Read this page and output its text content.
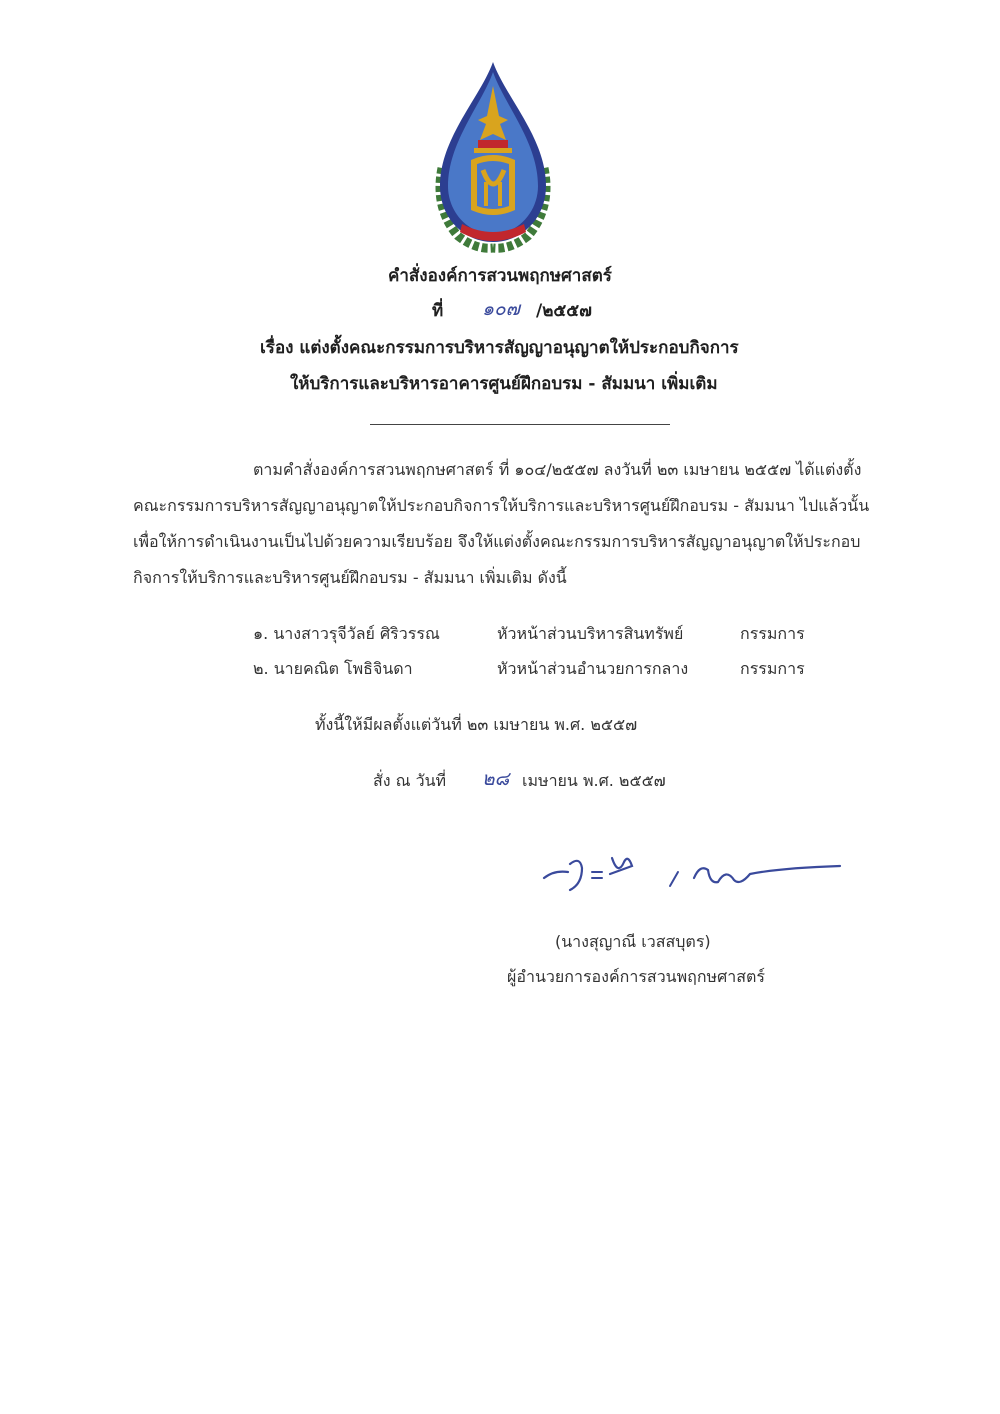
คำสั่งองค์การสวนพฤกษศาสตร์
ที่ ๑๐๗ /๒๕๕๗
เรื่อง แต่งตั้งคณะกรรมการบริหารสัญญาอนุญาตให้ประกอบกิจการ
ให้บริการและบริหารอาคารศูนย์ฝึกอบรม - สัมมนา เพิ่มเติม
ตามคำสั่งองค์การสวนพฤกษศาสตร์ ที่ ๑๐๔/๒๕๕๗ ลงวันที่ ๒๓ เมษายน ๒๕๕๗ ได้แต่งตั้ง
คณะกรรมการบริหารสัญญาอนุญาตให้ประกอบกิจการให้บริการและบริหารศูนย์ฝึกอบรม - สัมมนา ไปแล้วนั้น
เพื่อให้การดำเนินงานเป็นไปด้วยความเรียบร้อย จึงให้แต่งตั้งคณะกรรมการบริหารสัญญาอนุญาตให้ประกอบ
กิจการให้บริการและบริหารศูนย์ฝึกอบรม - สัมมนา เพิ่มเติม ดังนี้
๑. นางสาวรุจีวัลย์ ศิริวรรณ	หัวหน้าส่วนบริหารสินทรัพย์	กรรมการ
๒. นายคณิต โพธิจินดา	หัวหน้าส่วนอำนวยการกลาง	กรรมการ
ทั้งนี้ให้มีผลตั้งแต่วันที่ ๒๓ เมษายน พ.ศ. ๒๕๕๗
สั่ง ณ วันที่ ๒๘ เมษายน พ.ศ. ๒๕๕๗
(นางสุญาณี เวสสบุตร)
ผู้อำนวยการองค์การสวนพฤกษศาสตร์
